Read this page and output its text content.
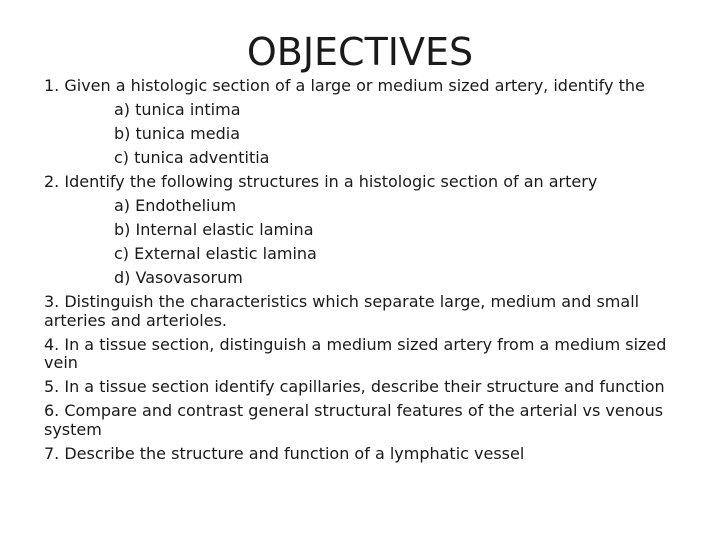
OBJECTIVES

1. Given a histologic section of a large or medium sized artery, identify the

a) tunica intima

b) tunica media

c) tunica adventitia

2. Identify the following structures in a histologic section of an artery

a) Endothelium

b) Internal elastic lamina

c) External elastic lamina

d) Vasovasorum

3. Distinguish the characteristics which separate large, medium and small arteries and arterioles.

4. In a tissue section, distinguish a medium sized artery from a medium sized vein

5. In a tissue section identify capillaries, describe their structure and function

6. Compare and contrast general structural features of the arterial vs venous system

7. Describe the structure and function of a lymphatic vessel
